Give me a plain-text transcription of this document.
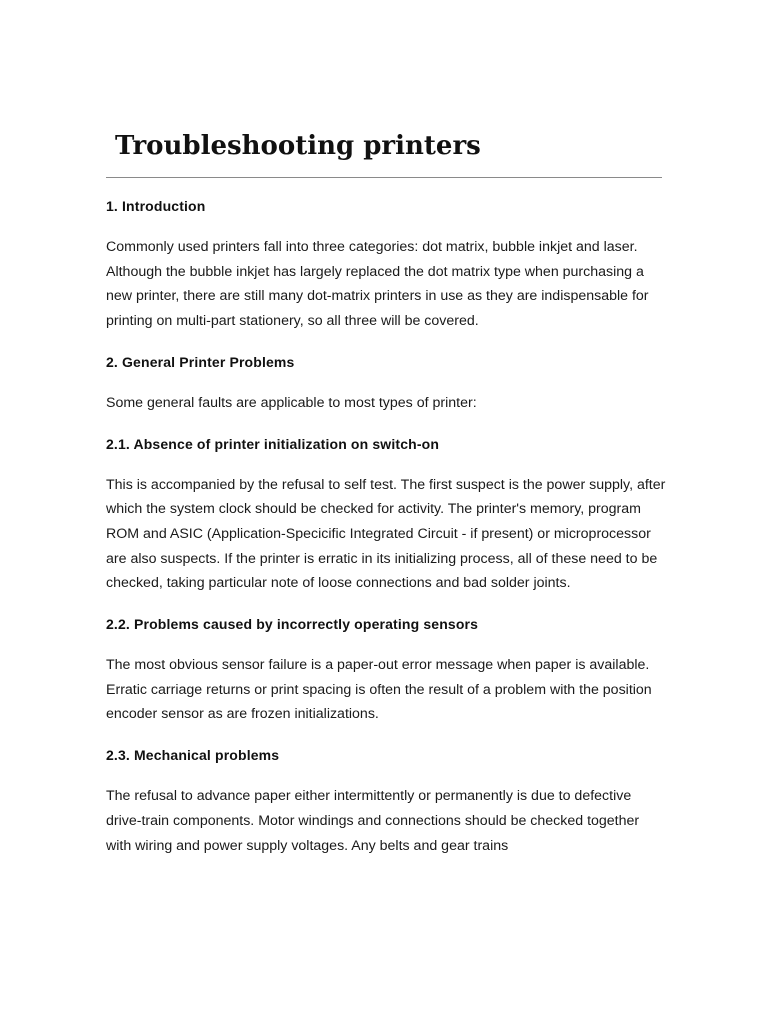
Troubleshooting printers
1. Introduction

Commonly used printers fall into three categories: dot matrix, bubble inkjet and laser. Although the bubble inkjet has largely replaced the dot matrix type when purchasing a new printer, there are still many dot-matrix printers in use as they are indispensable for printing on multi-part stationery, so all three will be covered.

2. General Printer Problems

Some general faults are applicable to most types of printer:

2.1. Absence of printer initialization on switch-on

This is accompanied by the refusal to self test. The first suspect is the power supply, after which the system clock should be checked for activity. The printer's memory, program ROM and ASIC (Application-Specicific Integrated Circuit - if present) or microprocessor are also suspects. If the printer is erratic in its initializing process, all of these need to be checked, taking particular note of loose connections and bad solder joints.

2.2. Problems caused by incorrectly operating sensors

The most obvious sensor failure is a paper-out error message when paper is available. Erratic carriage returns or print spacing is often the result of a problem with the position encoder sensor as are frozen initializations.

2.3. Mechanical problems

The refusal to advance paper either intermittently or permanently is due to defective drive-train components. Motor windings and connections should be checked together with wiring and power supply voltages. Any belts and gear trains
